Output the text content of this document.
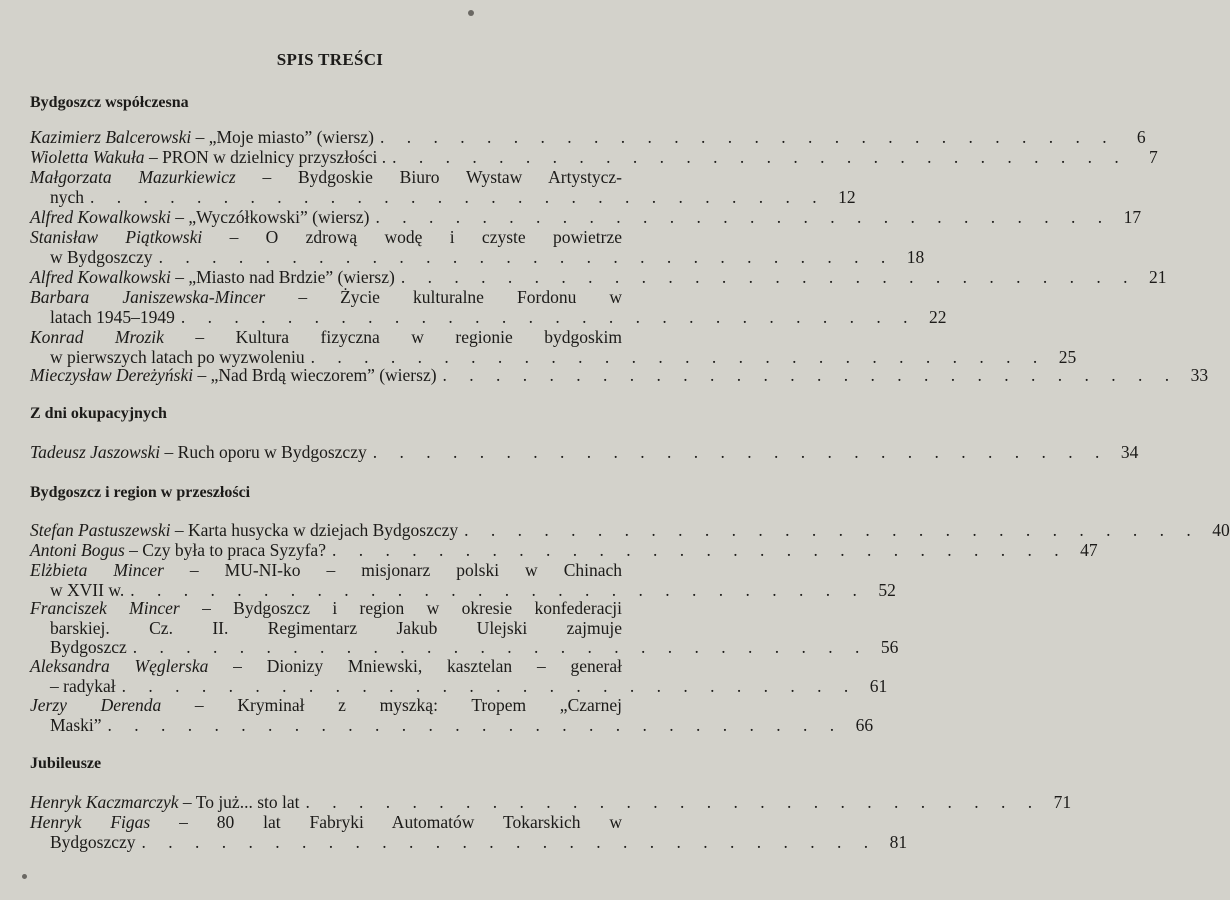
SPIS TREŚCI
Bydgoszcz współczesna
Z dni okupacyjnych
Bydgoszcz i region w przeszłości
Jubileusze
Kazimierz Balcerowski – „Moje miasto” (wiersz) . . . . . . . . . . . . . . . . . . . . . . . . . . . .	6
Wioletta Wakuła – PRON w dzielnicy przyszłości . . . . . . . . . . . . . . . . . . . . . . . . . . . . .	7
Małgorzata Mazurkiewicz – Bydgoskie Biuro Wystaw Artystycz-
nych . . . . . . . . . . . . . . . . . . . . . . . . . . . . 12
Alfred Kowalkowski – „Wyczółkowski” (wiersz) . . . . . . . . . . . . . . . . . . . . . . . . . . . . 17
Stanisław Piątkowski – O zdrową wodę i czyste powietrze
w Bydgoszczy . . . . . . . . . . . . . . . . . . . . . . . . . . . . 18
Alfred Kowalkowski – „Miasto nad Brdzie” (wiersz) . . . . . . . . . . . . . . . . . . . . . . . . . . . . 21
Barbara Janiszewska-Mincer – Życie kulturalne Fordonu w
latach 1945–1949 . . . . . . . . . . . . . . . . . . . . . . . . . . . . 22
Konrad Mrozik – Kultura fizyczna w regionie bydgoskim
w pierwszych latach po wyzwoleniu . . . . . . . . . . . . . . . . . . . . . . . . . . . . 25
Mieczysław Dereżyński – „Nad Brdą wieczorem” (wiersz) . . . . . . . . . . . . . . . . . . . . . . . . . . . . 33
Tadeusz Jaszowski – Ruch oporu w Bydgoszczy . . . . . . . . . . . . . . . . . . . . . . . . . . . . 34
Stefan Pastuszewski – Karta husycka w dziejach Bydgoszczy . . . . . . . . . . . . . . . . . . . . . . . . . . . . 40
Antoni Bogus – Czy była to praca Syzyfa? . . . . . . . . . . . . . . . . . . . . . . . . . . . . 47
Elżbieta Mincer – MU-NI-ko – misjonarz polski w Chinach
w XVII w. . . . . . . . . . . . . . . . . . . . . . . . . . . . . 52
Franciszek Mincer – Bydgoszcz i region w okresie konfederacji
barskiej. Cz. II. Regimentarz Jakub Ulejski zajmuje
Bydgoszcz . . . . . . . . . . . . . . . . . . . . . . . . . . . . 56
Aleksandra Węglerska – Dionizy Mniewski, kasztelan – generał
– radykał . . . . . . . . . . . . . . . . . . . . . . . . . . . . 61
Jerzy Derenda – Kryminał z myszką: Tropem „Czarnej
Maski” . . . . . . . . . . . . . . . . . . . . . . . . . . . . 66
Henryk Kaczmarczyk – To już... sto lat . . . . . . . . . . . . . . . . . . . . . . . . . . . . 71
Henryk Figas – 80 lat Fabryki Automatów Tokarskich w
Bydgoszczy . . . . . . . . . . . . . . . . . . . . . . . . . . . . 81
